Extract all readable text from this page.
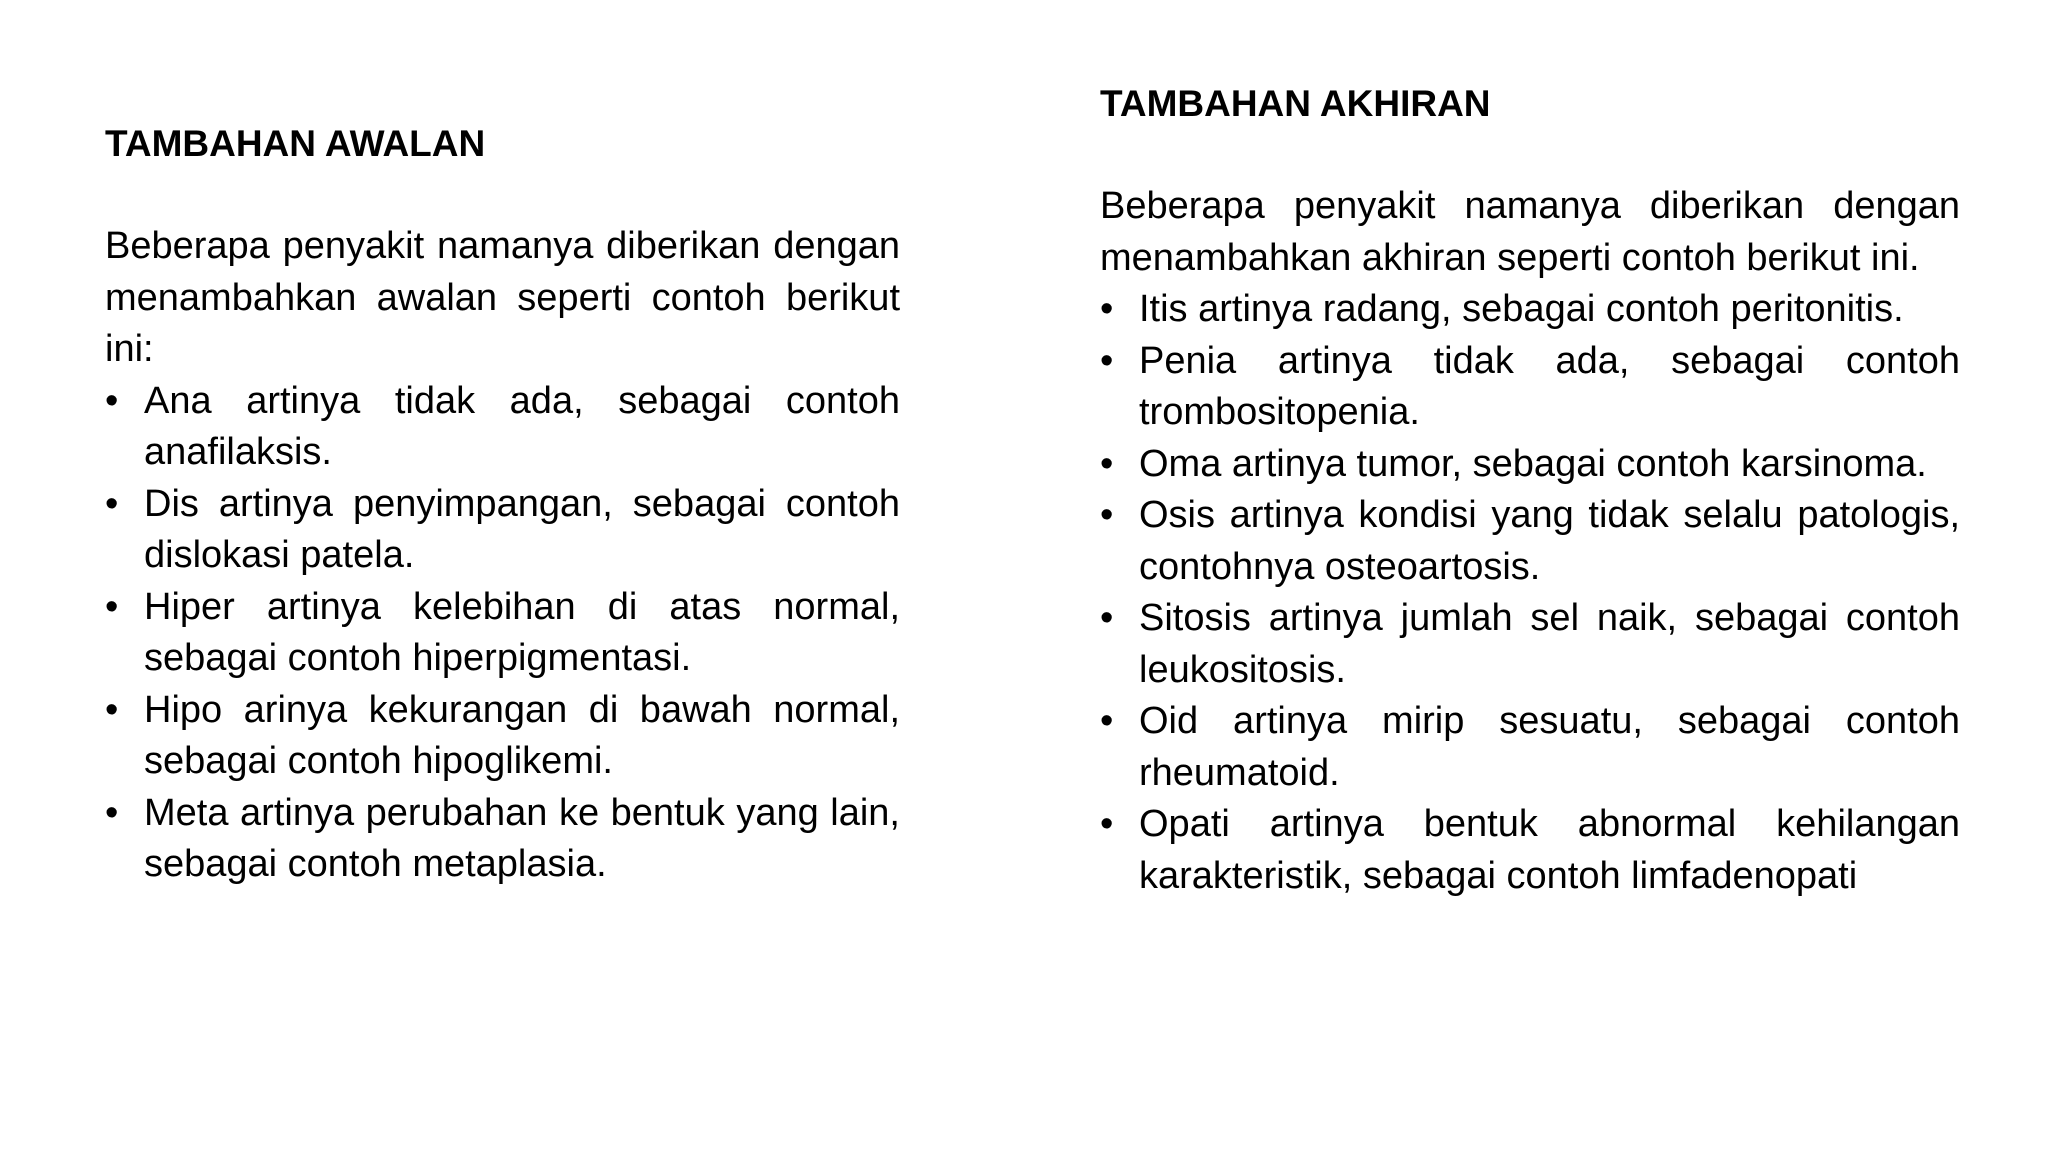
TAMBAHAN AWALAN

Beberapa penyakit namanya diberikan dengan menambahkan awalan seperti contoh berikut ini:

• Ana artinya tidak ada, sebagai contoh anafilaksis.
• Dis artinya penyimpangan, sebagai contoh dislokasi patela.
• Hiper artinya kelebihan di atas normal, sebagai contoh hiperpigmentasi.
• Hipo arinya kekurangan di bawah normal, sebagai contoh hipoglikemi.
• Meta artinya perubahan ke bentuk yang lain, sebagai contoh metaplasia.
TAMBAHAN AKHIRAN

Beberapa penyakit namanya diberikan dengan menambahkan akhiran seperti contoh berikut ini.

• Itis artinya radang, sebagai contoh peritonitis.
• Penia artinya tidak ada, sebagai contoh trombositopenia.
• Oma artinya tumor, sebagai contoh karsinoma.
• Osis artinya kondisi yang tidak selalu patologis, contohnya osteoartosis.
• Sitosis artinya jumlah sel naik, sebagai contoh leukositosis.
• Oid artinya mirip sesuatu, sebagai contoh rheumatoid.
• Opati artinya bentuk abnormal kehilangan karakteristik, sebagai contoh limfadenopati
